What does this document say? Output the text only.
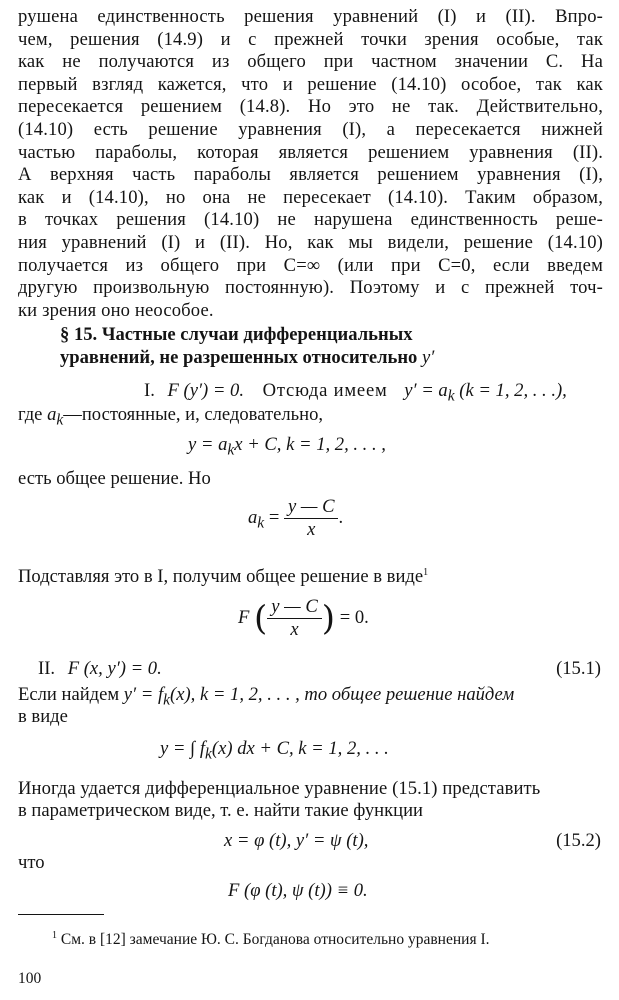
рушена единственность решения уравнений (I) и (II). Впро-
чем, решения (14.9) и с прежней точки зрения особые, так
как не получаются из общего при частном значении C. На
первый взгляд кажется, что и решение (14.10) особое, так как
пересекается решением (14.8). Но это не так. Действительно,
(14.10) есть решение уравнения (I), а пересекается нижней
частью параболы, которая является решением уравнения (II).
А верхняя часть параболы является решением уравнения (I),
как и (14.10), но она не пересекает (14.10). Таким образом,
в точках решения (14.10) не нарушена единственность реше-
ния уравнений (I) и (II). Но, как мы видели, решение (14.10)
получается из общего при C=∞ (или при C=0, если введем
другую произвольную постоянную). Поэтому и с прежней точ-
ки зрения оно неособое.
§ 15. Частные случаи дифференциальных
уравнений, не разрешенных относительно y′
I. F (y′) = 0. Отсюда имеем $y' = a_k$ (k = 1, 2, . . .),
где $a_k—постоянные$, и, следовательно,
$y = a_kx + C$, k = 1, 2, . . . ,
есть общее решение. Но
$a_k = \frac{y — C}{x}$ .
Подставляя это в I, получим общее решение в виде$^1$
F ( $\frac{y — C}{x}$ ) = 0.
II. F (x, y′) = 0.	(15.1)
Если найдем $y' = f_k(x)$, k = 1, 2, . . . , то общее решение найдем
в виде
y = ∫ $f_k(x)$ dx + C, k = 1, 2, . . .
Иногда удается дифференциальное уравнение (15.1) представить
в параметрическом виде, т. е. найти такие функции
x = φ (t), y′ = ψ (t),	(15.2)
что
F (φ (t), ψ (t)) ≡ 0.
$^1$ См. в [12] замечание Ю. С. Богданова относительно уравнения I.
100
